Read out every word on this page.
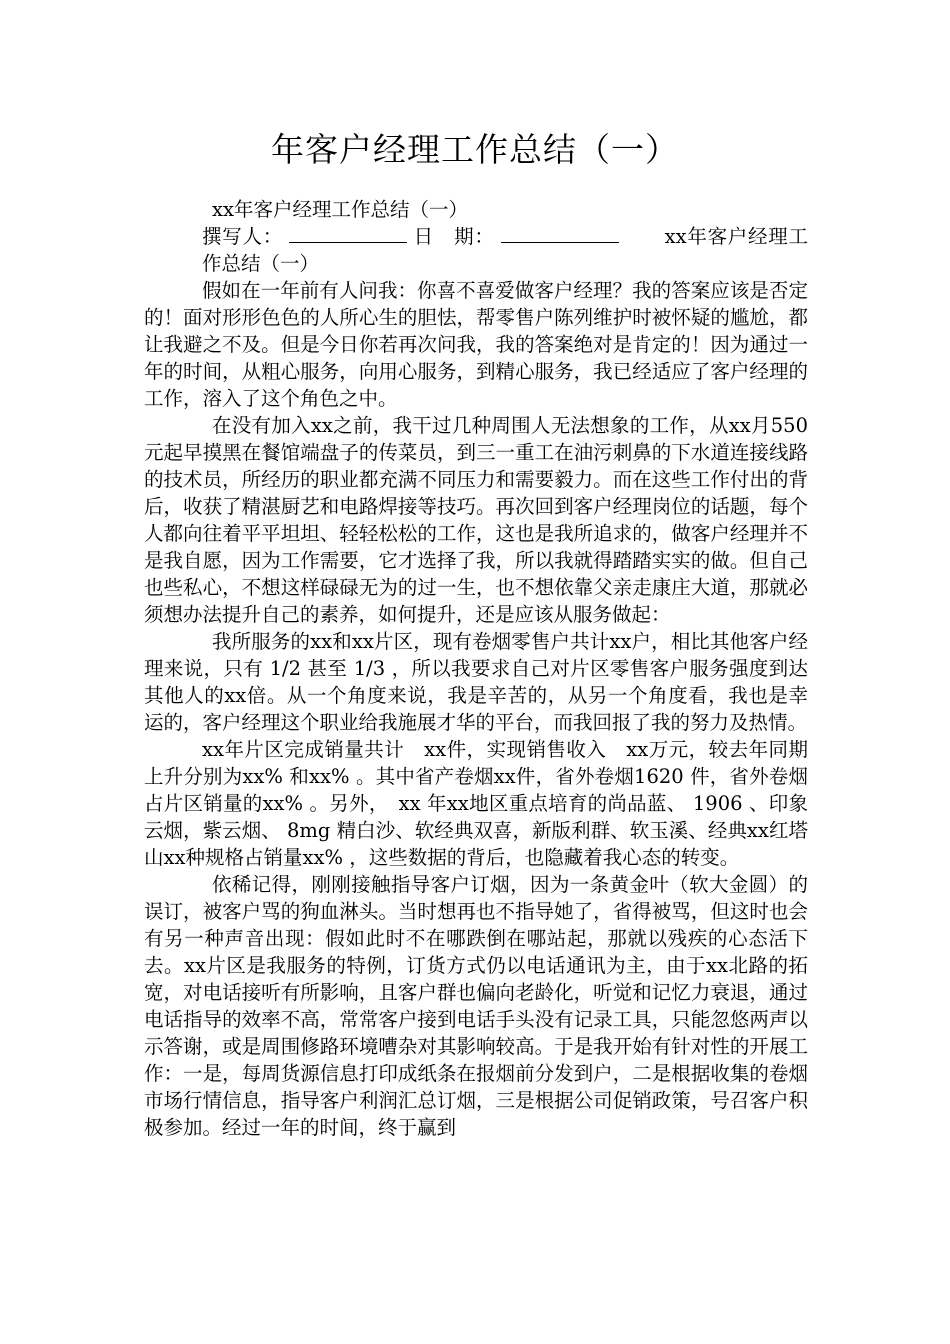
年客户经理工作总结（一）

xx年客户经理工作总结（一）

撰写人：	日　期：	xx年客户经理工作总结（一）

假如在一年前有人问我：你喜不喜爱做客户经理？我的答案应该是否定的！面对形形色色的人所心生的胆怯，帮零售户陈列维护时被怀疑的尴尬，都让我避之不及。但是今日你若再次问我，我的答案绝对是肯定的！因为通过一年的时间，从粗心服务，向用心服务，到精心服务，我已经适应了客户经理的工作，溶入了这个角色之中。

在没有加入xx之前，我干过几种周围人无法想象的工作，从xx月550元起早摸黑在餐馆端盘子的传菜员，到三一重工在油污刺鼻的下水道连接线路的技术员，所经历的职业都充满不同压力和需要毅力。而在这些工作付出的背后，收获了精湛厨艺和电路焊接等技巧。再次回到客户经理岗位的话题，每个人都向往着平平坦坦、轻轻松松的工作，这也是我所追求的，做客户经理并不是我自愿，因为工作需要，它才选择了我，所以我就得踏踏实实的做。但自己也些私心，不想这样碌碌无为的过一生，也不想依靠父亲走康庄大道，那就必须想办法提升自己的素养，如何提升，还是应该从服务做起：

我所服务的xx和xx片区，现有卷烟零售户共计xx户，相比其他客户经理来说，只有 1/2 甚至 1/3 ，所以我要求自己对片区零售客户服务强度到达其他人的xx倍。从一个角度来说，我是辛苦的，从另一个角度看，我也是幸运的，客户经理这个职业给我施展才华的平台，而我回报了我的努力及热情。

xx年片区完成销量共计　xx件，实现销售收入　xx万元，较去年同期上升分别为xx% 和xx% 。其中省产卷烟xx件，省外卷烟1620 件，省外卷烟占片区销量的xx% 。另外，　xx 年xx地区重点培育的尚品蓝、 1906 、印象云烟，紫云烟、 8mg 精白沙、软经典双喜，新版利群、软玉溪、经典xx红塔山xx种规格占销量xx% ，这些数据的背后，也隐藏着我心态的转变。

依稀记得，刚刚接触指导客户订烟，因为一条黄金叶（软大金圆）的误订，被客户骂的狗血淋头。当时想再也不指导她了，省得被骂，但这时也会有另一种声音出现：假如此时不在哪跌倒在哪站起，那就以残疾的心态活下去。xx片区是我服务的特例，订货方式仍以电话通讯为主，由于xx北路的拓宽，对电话接听有所影响，且客户群也偏向老龄化，听觉和记忆力衰退，通过电话指导的效率不高，常常客户接到电话手头没有记录工具，只能忽悠两声以示答谢，或是周围修路环境嘈杂对其影响较高。于是我开始有针对性的开展工作：一是，每周货源信息打印成纸条在报烟前分发到户，二是根据收集的卷烟市场行情信息，指导客户利润汇总订烟，三是根据公司促销政策，号召客户积极参加。经过一年的时间，终于赢到
